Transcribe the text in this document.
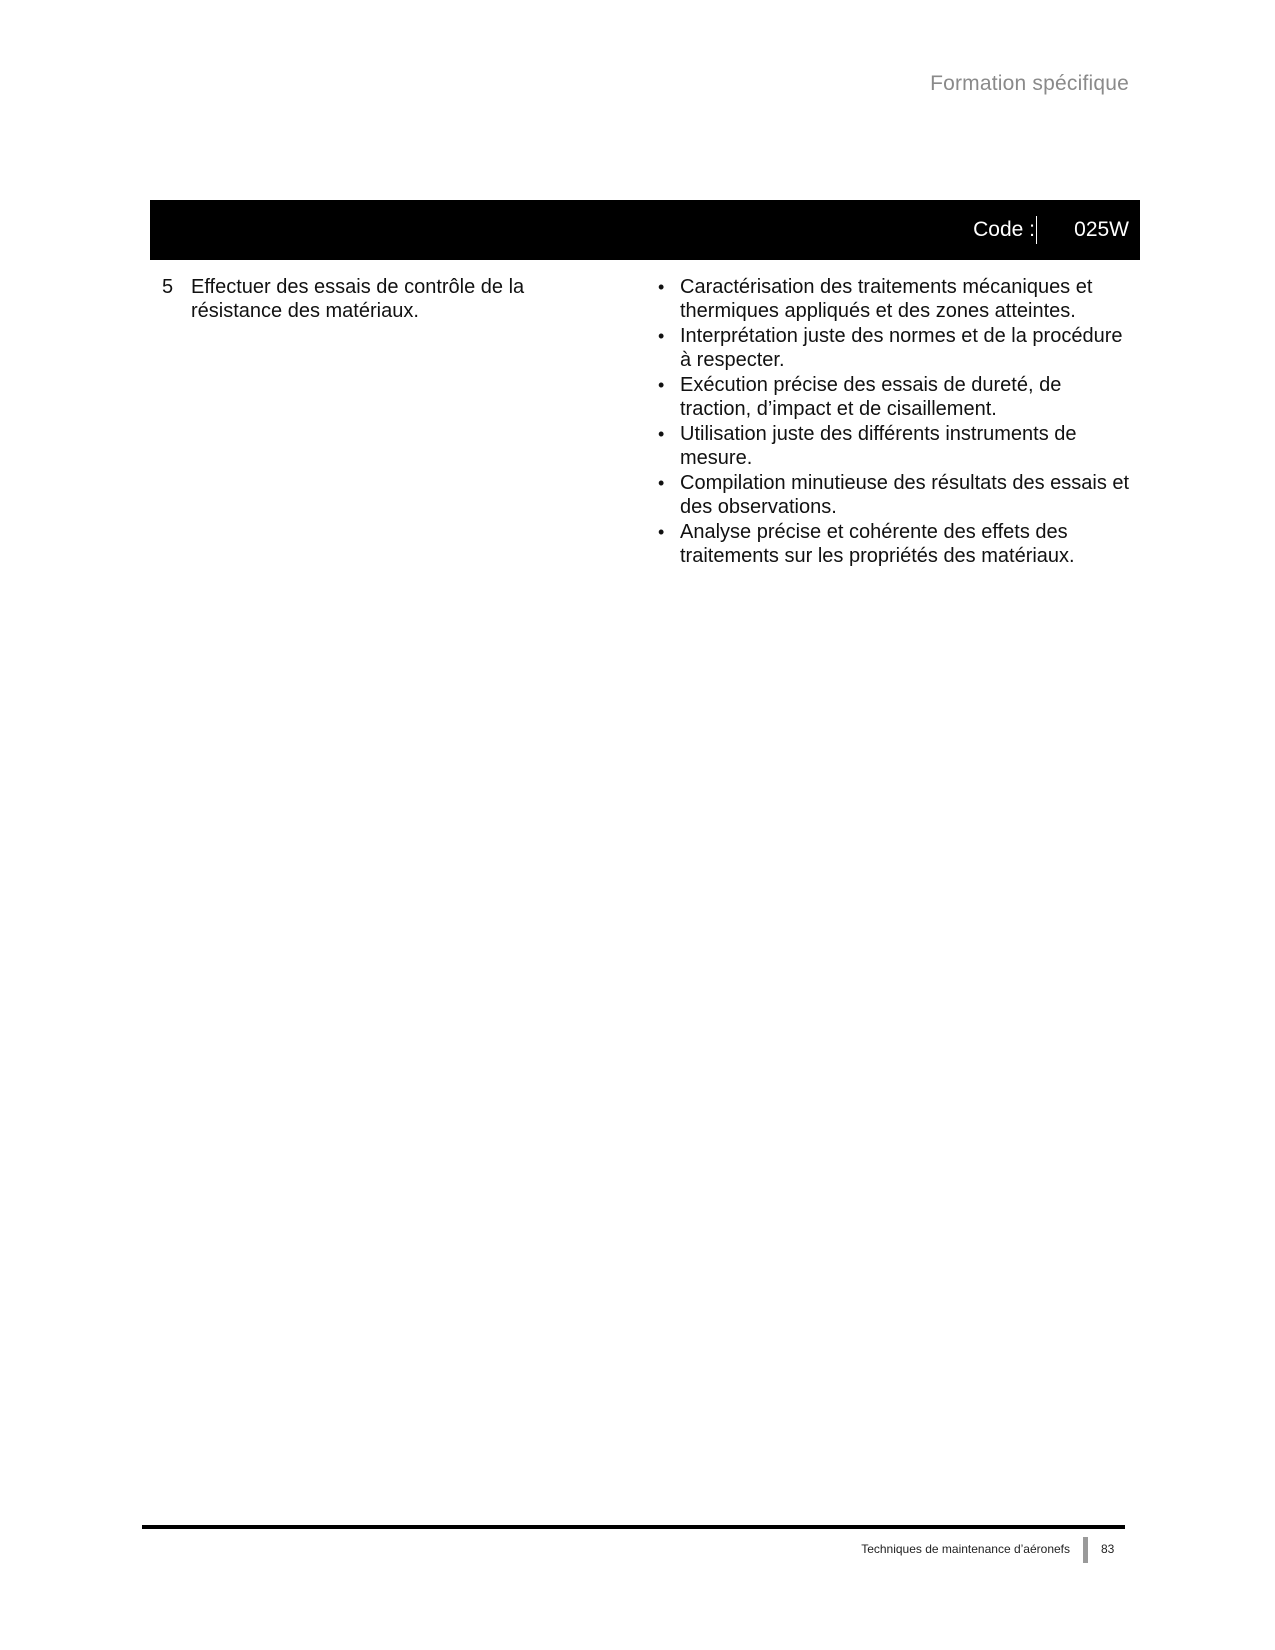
Formation spécifique
Code : 025W
5 Effectuer des essais de contrôle de la résistance des matériaux.
• Caractérisation des traitements mécaniques et thermiques appliqués et des zones atteintes.
• Interprétation juste des normes et de la procédure à respecter.
• Exécution précise des essais de dureté, de traction, d’impact et de cisaillement.
• Utilisation juste des différents instruments de mesure.
• Compilation minutieuse des résultats des essais et des observations.
• Analyse précise et cohérente des effets des traitements sur les propriétés des matériaux.
Techniques de maintenance d’aéronefs	83
